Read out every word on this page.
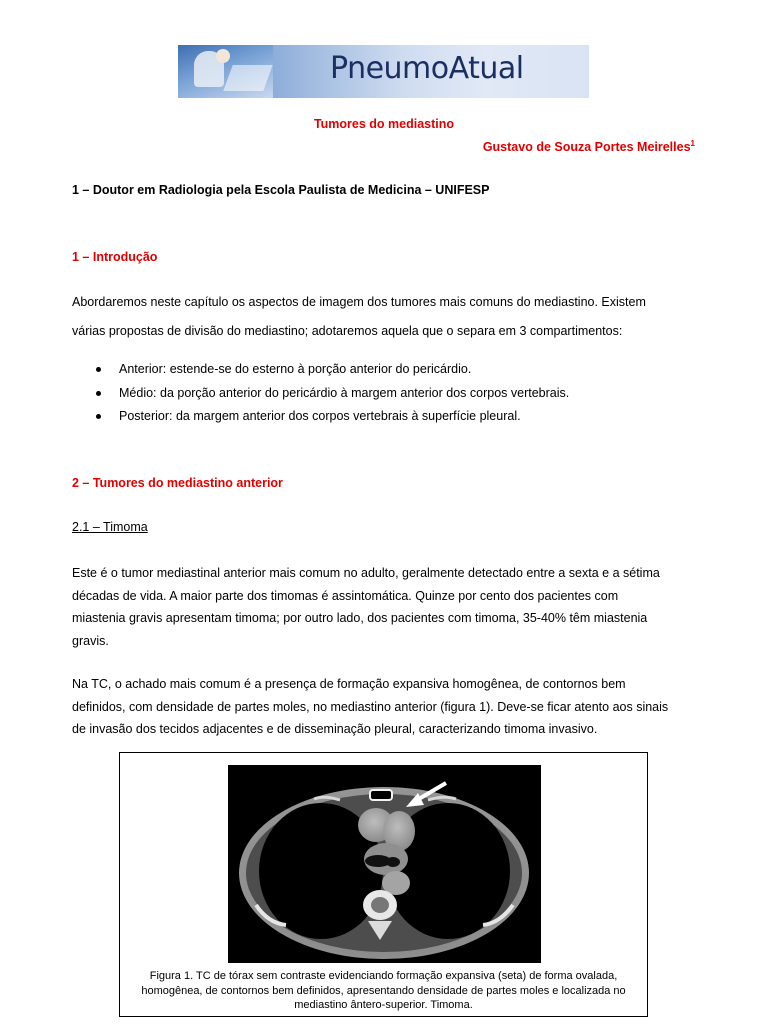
PneumoAtual
Tumores do mediastino
Gustavo de Souza Portes Meirelles$^1$
1 – Doutor em Radiologia pela Escola Paulista de Medicina – UNIFESP
1 – Introdução

Abordaremos neste capítulo os aspectos de imagem dos tumores mais comuns do mediastino. Existem

várias propostas de divisão do mediastino; adotaremos aquela que o separa em 3 compartimentos:

Anterior: estende-se do esterno à porção anterior do pericárdio.
Médio: da porção anterior do pericárdio à margem anterior dos corpos vertebrais.
Posterior: da margem anterior dos corpos vertebrais à superfície pleural.
2 – Tumores do mediastino anterior
2.1 – Timoma

Este é o tumor mediastinal anterior mais comum no adulto, geralmente detectado entre a sexta e a sétima

décadas de vida. A maior parte dos timomas é assintomática. Quinze por cento dos pacientes com

miastenia gravis apresentam timoma; por outro lado, dos pacientes com timoma, 35-40% têm miastenia

gravis.

Na TC, o achado mais comum é a presença de formação expansiva homogênea, de contornos bem

definidos, com densidade de partes moles, no mediastino anterior (figura 1). Deve-se ficar atento aos sinais

de invasão dos tecidos adjacentes e de disseminação pleural, caracterizando timoma invasivo.

Figura 1. TC de tórax sem contraste evidenciando formação expansiva (seta) de forma ovalada,
homogênea, de contornos bem definidos, apresentando densidade de partes moles e localizada no
mediastino ântero-superior. Timoma.
